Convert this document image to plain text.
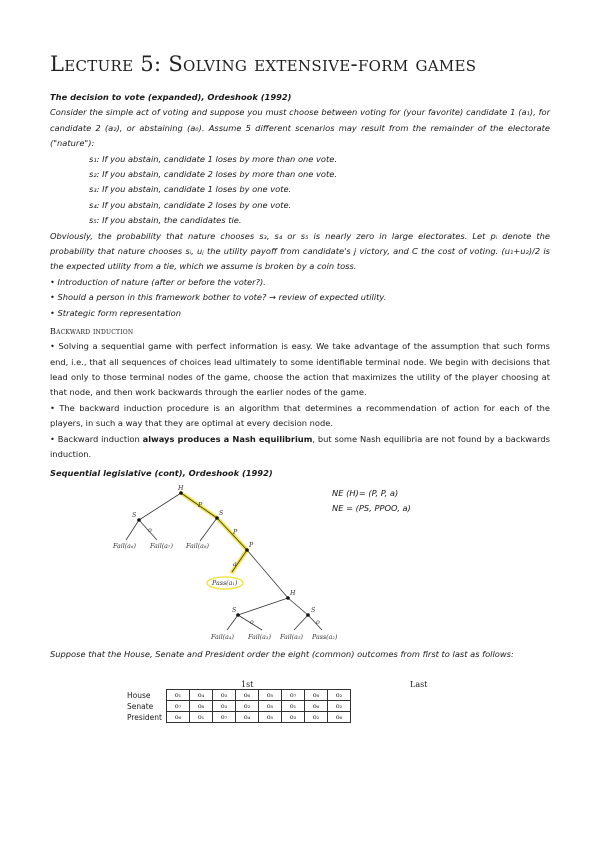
Lecture 5: Solving extensive-form games

The decision to vote (expanded), Ordeshook (1992)

Consider the simple act of voting and suppose you must choose between voting for (your favorite) candidate 1 (a₁), for candidate 2 (a₂), or abstaining (a₀). Assume 5 different scenarios may result from the remainder of the electorate ("nature"):

s₁: If you abstain, candidate 1 loses by more than one vote.
s₂: If you abstain, candidate 2 loses by more than one vote.
s₃: If you abstain, candidate 1 loses by one vote.
s₄: If you abstain, candidate 2 loses by one vote.
s₅: If you abstain, the candidates tie.

Obviously, the probability that nature chooses s₃, s₄ or s₅ is nearly zero in large electorates. Let pᵢ denote the probability that nature chooses sᵢ, uⱼ the utility payoff from candidate's j victory, and C the cost of voting. (u₁+u₂)/2 is the expected utility from a tie, which we assume is broken by a coin toss.

• Introduction of nature (after or before the voter?).

• Should a person in this framework bother to vote? → review of expected utility.

• Strategic form representation

Backward induction

• Solving a sequential game with perfect information is easy. We take advantage of the assumption that such forms end, i.e., that all sequences of choices lead ultimately to some identifiable terminal node. We begin with decisions that lead only to those terminal nodes of the game, choose the action that maximizes the utility of the player choosing at that node, and then work backwards through the earlier nodes of the game.

• The backward induction procedure is an algorithm that determines a recommendation of action for each of the players, in such a way that they are optimal at every decision node.

• Backward induction always produces a Nash equilibrium, but some Nash equilibria are not found by a backwards induction.

Sequential legislative (cont), Ordeshook (1992)

H
S	S
P
H
S	S
P
P
o
a
o	o
Fail(a₆) Fail(a₇) Fail(a₈)
Pass(a₁)
Fail(a₄) Fail(a₃) Fail(a₅) Pass(a₂)
NE (H)= (P, P, a)
NE = (PS, PPOO, a)

Suppose that the House, Senate and President order the eight (common) outcomes from first to last as follows:

1st	Last
House	o₁	o₄	o₃	o₆	o₅	o₇	o₈	o₂
Senate	o₇	o₈	o₃	o₂	o₅	o₁	o₆	o₂
President	o₆	o₁	o₇	o₄	o₅	o₃	o₂	o₆
